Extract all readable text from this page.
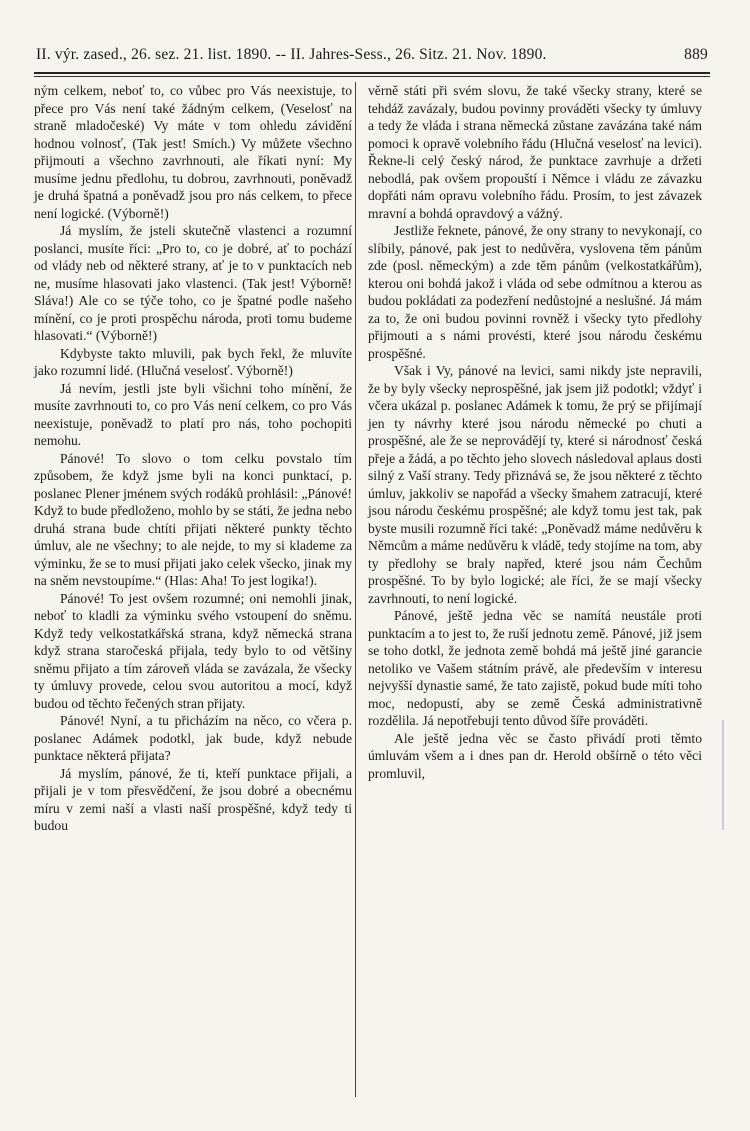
II. výr. zased., 26. sez. 21. list. 1890. -- II. Jahres-Sess., 26. Sitz. 21. Nov. 1890.	889

ným celkem, neboť to, co vůbec pro Vás neexistuje, to přece pro Vás není také žádným celkem, (Veselosť na straně mladočeské) Vy máte v tom ohledu závidění hodnou volnosť, (Tak jest! Smích.) Vy můžete všechno přijmouti a všechno zavrhnouti, ale říkati nyní: My musíme jednu předlohu, tu dobrou, zavrhnouti, poněvadž je druhá špatná a poněvadž jsou pro nás celkem, to přece není logické. (Výborně!)

Já myslím, že jsteli skutečně vlastenci a rozumní poslanci, musíte říci: „Pro to, co je dobré, ať to pochází od vlády neb od některé strany, ať je to v punktacích neb ne, musíme hlasovati jako vlastenci. (Tak jest! Výborně! Sláva!) Ale co se týče toho, co je špatné podle našeho mínění, co je proti prospěchu národa, proti tomu budeme hlasovati.“ (Výborně!)

Kdybyste takto mluvili, pak bych řekl, že mluvíte jako rozumní lidé. (Hlučná veselosť. Výborně!)

Já nevím, jestli jste byli všichni toho mínění, že musíte zavrhnouti to, co pro Vás není celkem, co pro Vás neexistuje, poněvadž to platí pro nás, toho pochopiti nemohu.

Pánové! To slovo o tom celku povstalo tím způsobem, že když jsme byli na konci punktací, p. poslanec Plener jménem svých rodáků prohlásil: „Pánové! Když to bude předloženo, mohlo by se státi, že jedna nebo druhá strana bude chtíti přijati některé punkty těchto úmluv, ale ne všechny; to ale nejde, to my si klademe za výminku, že se to musí přijati jako celek všecko, jinak my na sněm nevstoupíme.“ (Hlas: Aha! To jest logika!).

Pánové! To jest ovšem rozumné; oni nemohli jinak, neboť to kladli za výminku svého vstoupení do sněmu. Když tedy velkostatkářská strana, když německá strana když strana staročeská přijala, tedy bylo to od většiny sněmu přijato a tím zároveň vláda se zavázala, že všecky ty úmluvy provede, celou svou autoritou a mocí, když budou od těchto řečených stran přijaty.

Pánové! Nyní, a tu přicházím na něco, co včera p. poslanec Adámek podotkl, jak bude, když nebude punktace některá přijata?

Já myslím, pánové, že ti, kteří punktace přijali, a přijali je v tom přesvědčení, že jsou dobré a obecnému míru v zemi naší a vlasti naší prospěšné, když tedy ti budou

věrně státi při svém slovu, že také všecky strany, které se tehdáž zavázaly, budou povinny prováděti všecky ty úmluvy a tedy že vláda i strana německá zůstane zavázána také nám pomoci k opravě volebního řádu (Hlučná veselosť na levici). Řekne-li celý český národ, že punktace zavrhuje a držeti nebodlá, pak ovšem propouští i Němce i vládu ze závazku dopřáti nám opravu volebního řádu. Prosím, to jest závazek mravní a bohdá opravdový a vážný.

Jestliže řeknete, pánové, že ony strany to nevykonají, co slíbily, pánové, pak jest to nedůvěra, vyslovena těm pánům zde (posl. německým) a zde těm pánům (velkostatkářům), kterou oni bohdá jakož i vláda od sebe odmítnou a kterou as budou pokládati za podezření nedůstojné a neslušné. Já mám za to, že oni budou povinni rovněž i všecky tyto předlohy přijmouti a s námi provésti, které jsou národu českému prospěšné.

Však i Vy, pánové na levici, sami nikdy jste nepravili, že by byly všecky neprospěšné, jak jsem již podotkl; vždyť i včera ukázal p. poslanec Adámek k tomu, že prý se přijímají jen ty návrhy které jsou národu německé po chuti a prospěšné, ale že se neprovádějí ty, které si národnosť česká přeje a žádá, a po těchto jeho slovech následoval aplaus dosti silný z Vaší strany. Tedy přiznává se, že jsou některé z těchto úmluv, jakkoliv se napořád a všecky šmahem zatracují, které jsou národu českému prospěšné; ale když tomu jest tak, pak byste musili rozumně říci také: „Poněvadž máme nedůvěru k Němcům a máme nedůvěru k vládě, tedy stojíme na tom, aby ty předlohy se braly napřed, které jsou nám Čechům prospěšné. To by bylo logické; ale říci, že se mají všecky zavrhnouti, to není logické.

Pánové, ještě jedna věc se namítá neustále proti punktacím a to jest to, že ruší jednotu země. Pánové, již jsem se toho dotkl, že jednota země bohdá má ještě jiné garancie netoliko ve Vašem státním právě, ale především v interesu nejvyšší dynastie samé, že tato zajistě, pokud bude míti toho moc, nedopustí, aby se země Česká administrativně rozdělila. Já nepotřebuji tento důvod šíře prováděti.

Ale ještě jedna věc se často přivádí proti těmto úmluvám všem a i dnes pan dr. Herold obšírně o této věci promluvil,
